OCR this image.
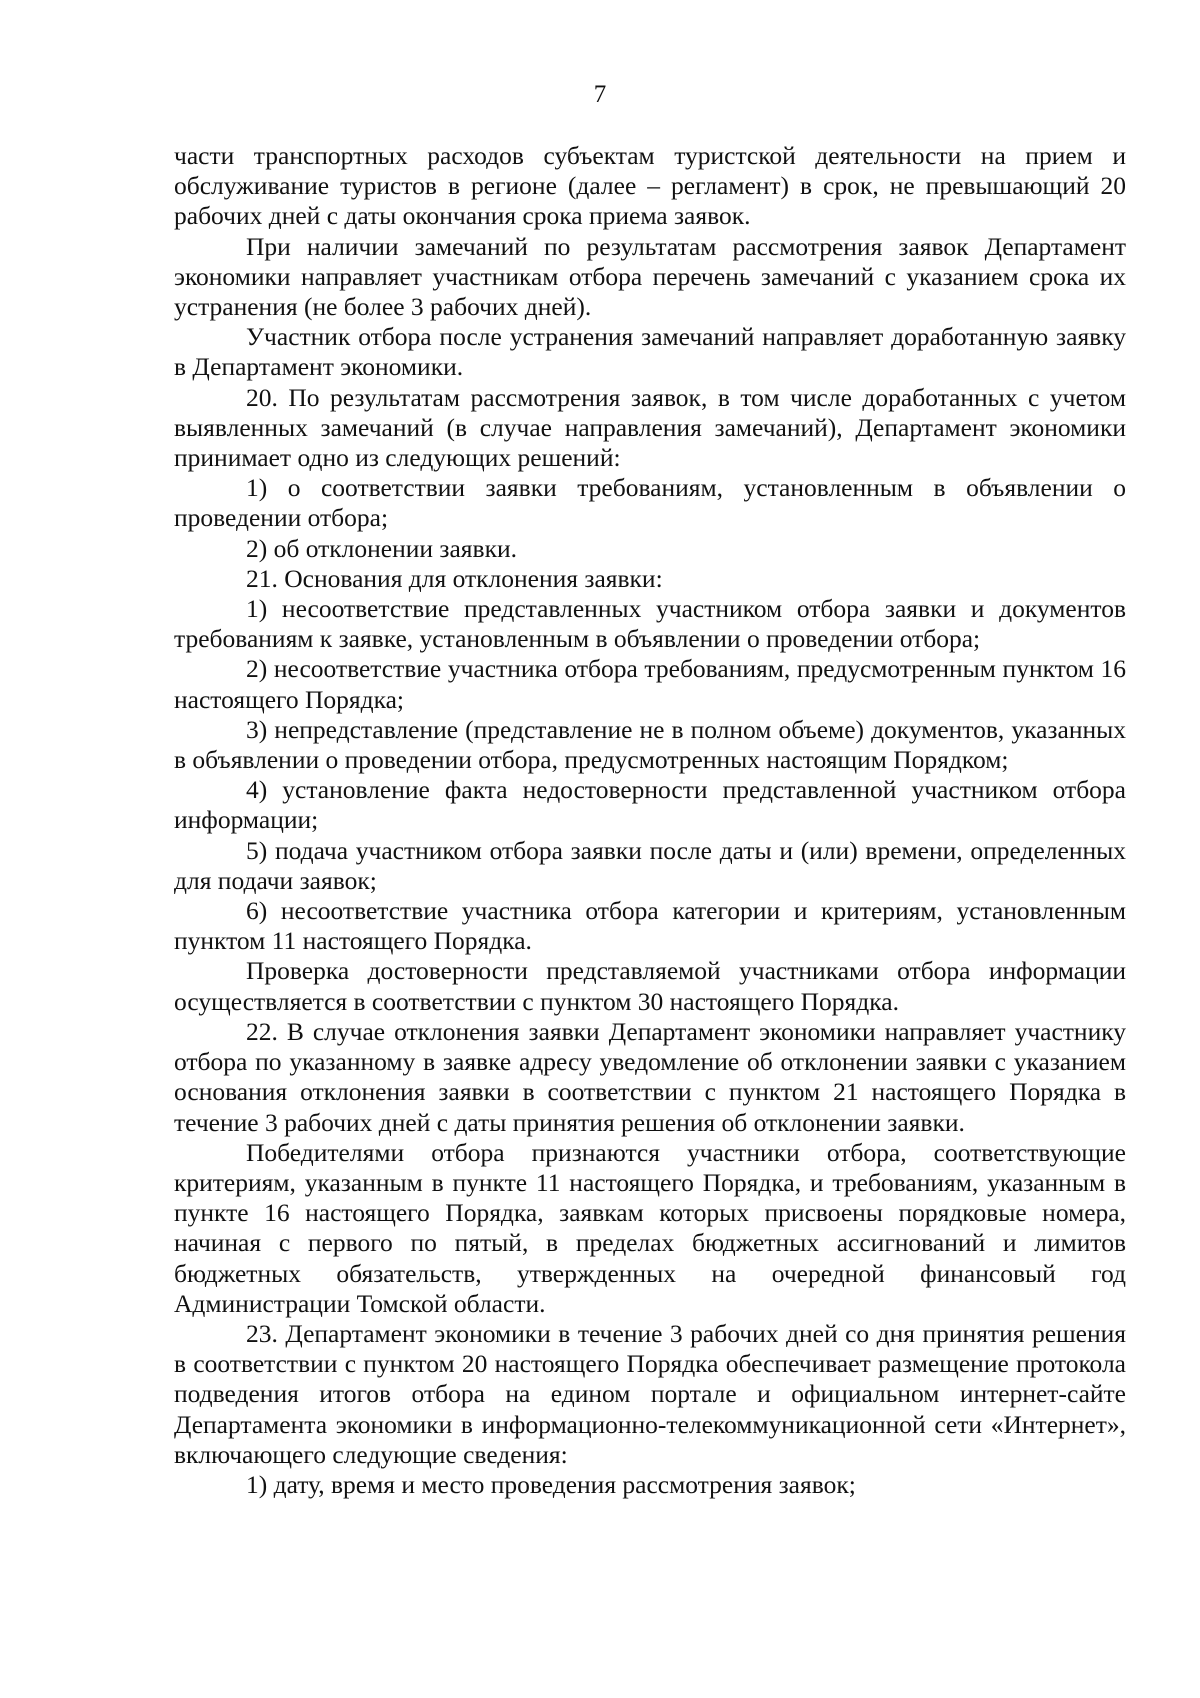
7

части транспортных расходов субъектам туристской деятельности на прием и обслуживание туристов в регионе (далее – регламент) в срок, не превышающий 20 рабочих дней с даты окончания срока приема заявок.

При наличии замечаний по результатам рассмотрения заявок Департамент экономики направляет участникам отбора перечень замечаний с указанием срока их устранения (не более 3 рабочих дней).

Участник отбора после устранения замечаний направляет доработанную заявку в Департамент экономики.

20. По результатам рассмотрения заявок, в том числе доработанных с учетом выявленных замечаний (в случае направления замечаний), Департамент экономики принимает одно из следующих решений:

1) о соответствии заявки требованиям, установленным в объявлении о проведении отбора;

2) об отклонении заявки.

21. Основания для отклонения заявки:

1) несоответствие представленных участником отбора заявки и документов требованиям к заявке, установленным в объявлении о проведении отбора;

2) несоответствие участника отбора требованиям, предусмотренным пунктом 16 настоящего Порядка;

3) непредставление (представление не в полном объеме) документов, указанных в объявлении о проведении отбора, предусмотренных настоящим Порядком;

4) установление факта недостоверности представленной участником отбора информации;

5) подача участником отбора заявки после даты и (или) времени, определенных для подачи заявок;

6) несоответствие участника отбора категории и критериям, установленным пунктом 11 настоящего Порядка.

Проверка достоверности представляемой участниками отбора информации осуществляется в соответствии с пунктом 30 настоящего Порядка.

22. В случае отклонения заявки Департамент экономики направляет участнику отбора по указанному в заявке адресу уведомление об отклонении заявки с указанием основания отклонения заявки в соответствии с пунктом 21 настоящего Порядка в течение 3 рабочих дней с даты принятия решения об отклонении заявки.

Победителями отбора признаются участники отбора, соответствующие критериям, указанным в пункте 11 настоящего Порядка, и требованиям, указанным в пункте 16 настоящего Порядка, заявкам которых присвоены порядковые номера, начиная с первого по пятый, в пределах бюджетных ассигнований и лимитов бюджетных обязательств, утвержденных на очередной финансовый год Администрации Томской области.

23. Департамент экономики в течение 3 рабочих дней со дня принятия решения в соответствии с пунктом 20 настоящего Порядка обеспечивает размещение протокола подведения итогов отбора на едином портале и официальном интернет-сайте Департамента экономики в информационно-телекоммуникационной сети «Интернет», включающего следующие сведения:

1) дату, время и место проведения рассмотрения заявок;
